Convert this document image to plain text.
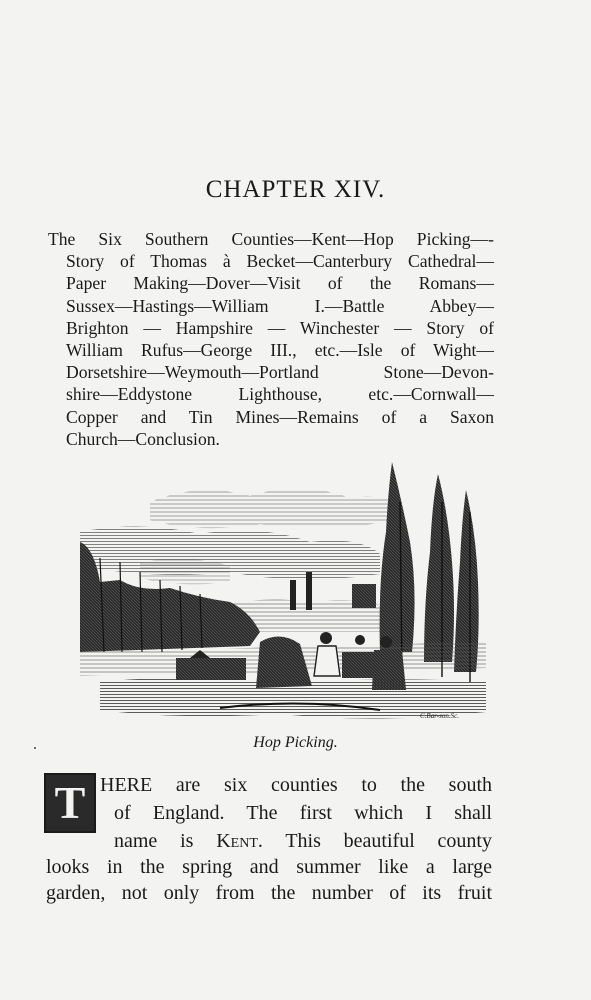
CHAPTER XIV.

The Six Southern Counties—Kent—Hop Picking—-
Story of Thomas à Becket—Canterbury Cathedral—
Paper Making—Dover—Visit of the Romans—
Sussex—Hastings—William I.—Battle Abbey—
Brighton — Hampshire — Winchester — Story of
William Rufus—George III., etc.—Isle of Wight—
Dorsetshire—Weymouth—Portland Stone—Devon-
shire—Eddystone Lighthouse, etc.—Cornwall—
Copper and Tin Mines—Remains of a Saxon
Church—Conclusion.

C.Bar-son.Sc.
Hop Picking.
T HERE are six counties to the south
of England. The first which I shall
name is Kent. This beautiful county
looks in the spring and summer like a large
garden, not only from the number of its fruit
